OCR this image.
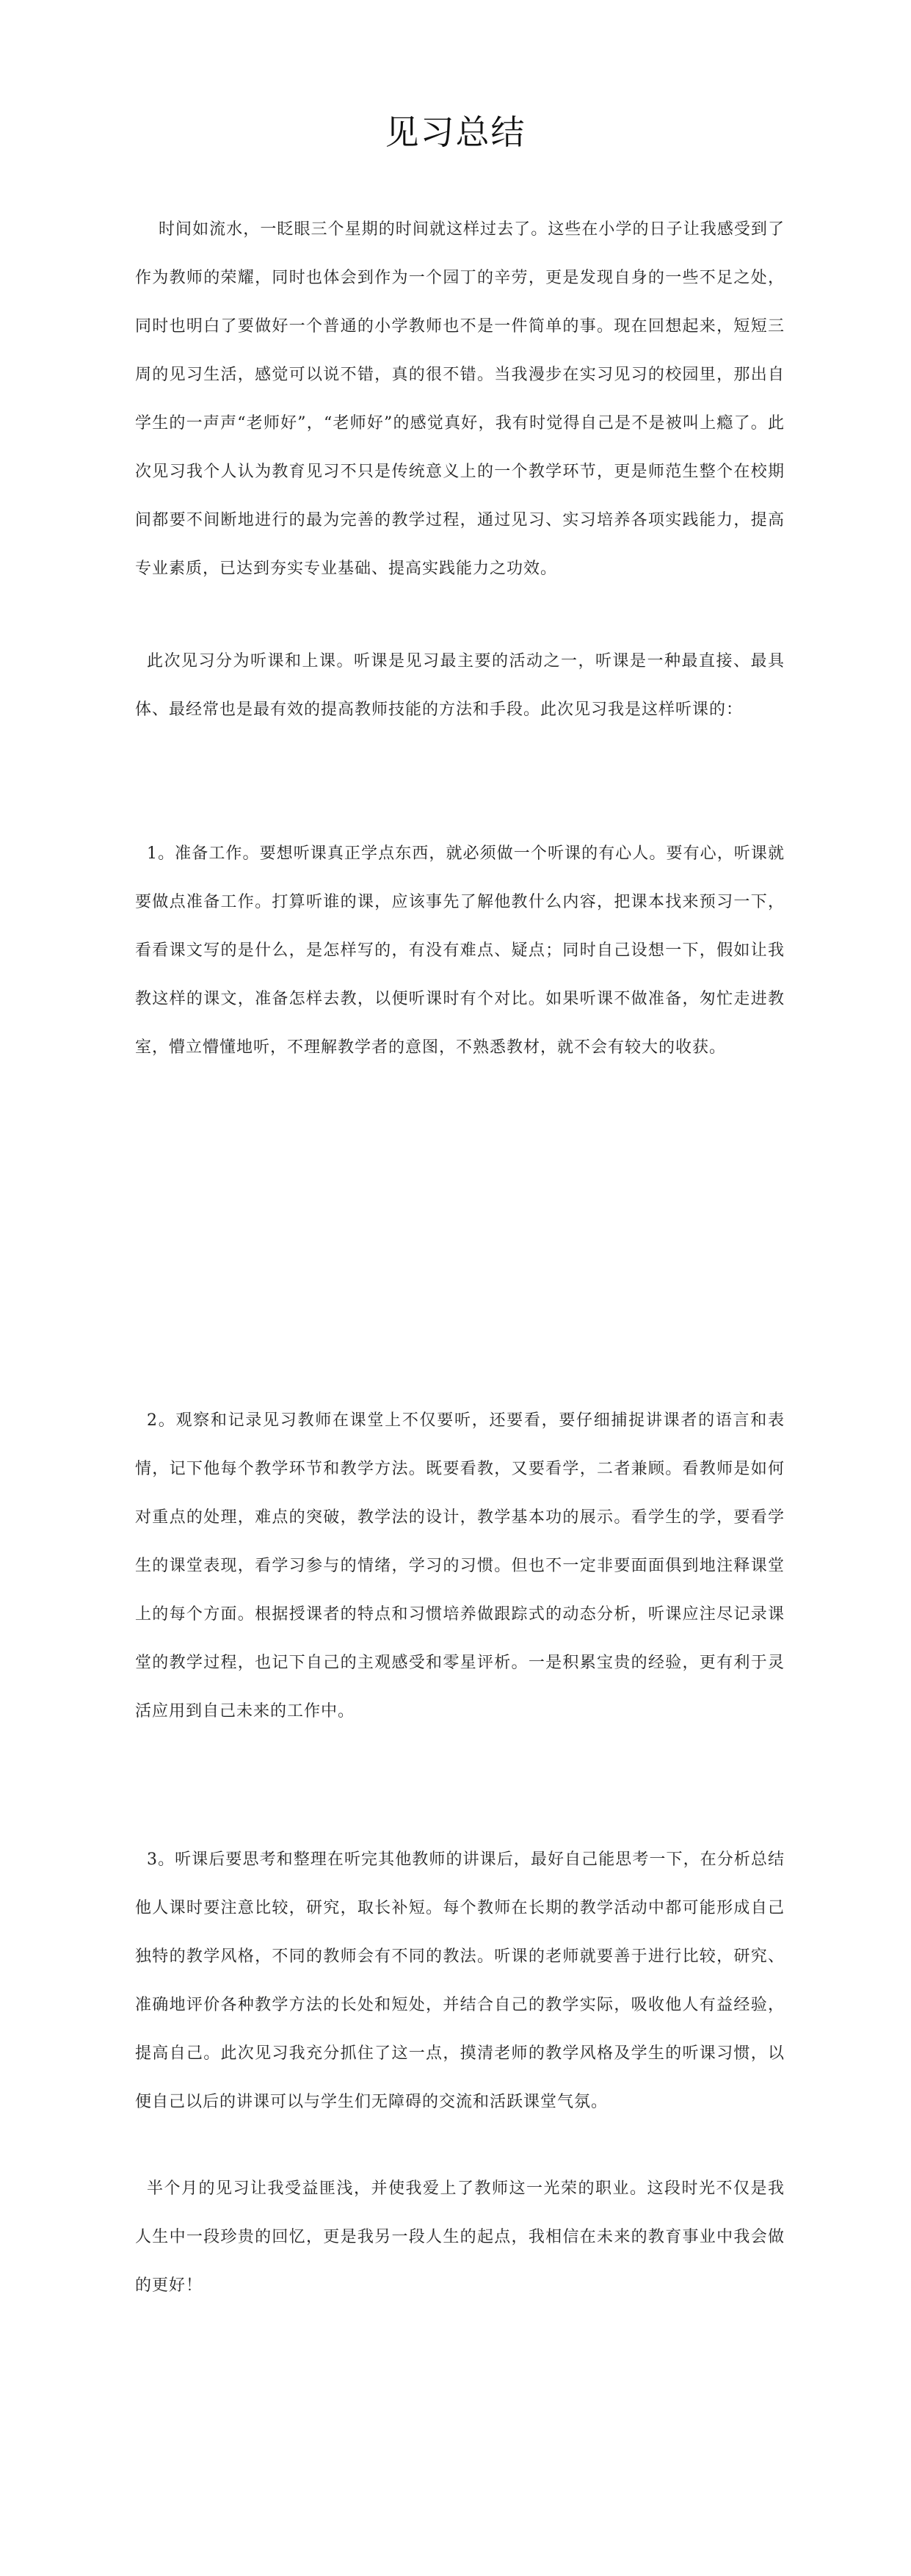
见习总结

时间如流水，一眨眼三个星期的时间就这样过去了。这些在小学的日子让我感受到了作为教师的荣耀，同时也体会到作为一个园丁的辛劳，更是发现自身的一些不足之处，同时也明白了要做好一个普通的小学教师也不是一件简单的事。现在回想起来，短短三周的见习生活，感觉可以说不错，真的很不错。当我漫步在实习见习的校园里，那出自学生的一声声“老师好”，“老师好”的感觉真好，我有时觉得自己是不是被叫上瘾了。此次见习我个人认为教育见习不只是传统意义上的一个教学环节，更是师范生整个在校期间都要不间断地进行的最为完善的教学过程，通过见习、实习培养各项实践能力，提高专业素质，已达到夯实专业基础、提高实践能力之功效。

此次见习分为听课和上课。听课是见习最主要的活动之一，听课是一种最直接、最具体、最经常也是最有效的提高教师技能的方法和手段。此次见习我是这样听课的：

1。准备工作。要想听课真正学点东西，就必须做一个听课的有心人。要有心，听课就要做点准备工作。打算听谁的课，应该事先了解他教什么内容，把课本找来预习一下，看看课文写的是什么，是怎样写的，有没有难点、疑点；同时自己设想一下，假如让我教这样的课文，准备怎样去教，以便听课时有个对比。如果听课不做准备，匆忙走进教室，懵立懵懂地听，不理解教学者的意图，不熟悉教材，就不会有较大的收获。

2。观察和记录见习教师在课堂上不仅要听，还要看，要仔细捕捉讲课者的语言和表情，记下他每个教学环节和教学方法。既要看教，又要看学，二者兼顾。看教师是如何对重点的处理，难点的突破，教学法的设计，教学基本功的展示。看学生的学，要看学生的课堂表现，看学习参与的情绪，学习的习惯。但也不一定非要面面俱到地注释课堂上的每个方面。根据授课者的特点和习惯培养做跟踪式的动态分析，听课应注尽记录课堂的教学过程，也记下自己的主观感受和零星评析。一是积累宝贵的经验，更有利于灵活应用到自己未来的工作中。

3。听课后要思考和整理在听完其他教师的讲课后，最好自己能思考一下，在分析总结他人课时要注意比较，研究，取长补短。每个教师在长期的教学活动中都可能形成自己独特的教学风格，不同的教师会有不同的教法。听课的老师就要善于进行比较，研究、准确地评价各种教学方法的长处和短处，并结合自己的教学实际，吸收他人有益经验，提高自己。此次见习我充分抓住了这一点，摸清老师的教学风格及学生的听课习惯，以便自己以后的讲课可以与学生们无障碍的交流和活跃课堂气氛。

半个月的见习让我受益匪浅，并使我爱上了教师这一光荣的职业。这段时光不仅是我人生中一段珍贵的回忆，更是我另一段人生的起点，我相信在未来的教育事业中我会做的更好！
